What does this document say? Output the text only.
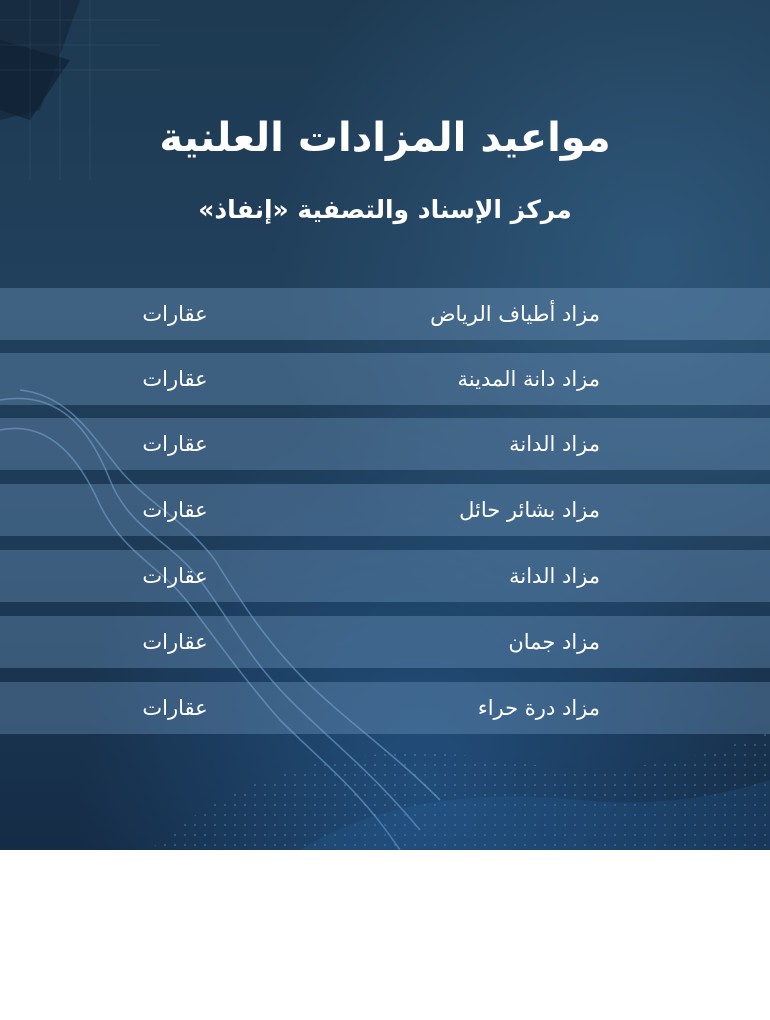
مواعيد المزادات العلنية
مركز الإسناد والتصفية «إنفاذ»
مزاد أطياف الرياض
عقارات
مزاد دانة المدينة
عقارات
مزاد الدانة
عقارات
مزاد بشائر حائل
عقارات
مزاد الدانة
عقارات
مزاد جمان
عقارات
مزاد درة حراء
عقارات
